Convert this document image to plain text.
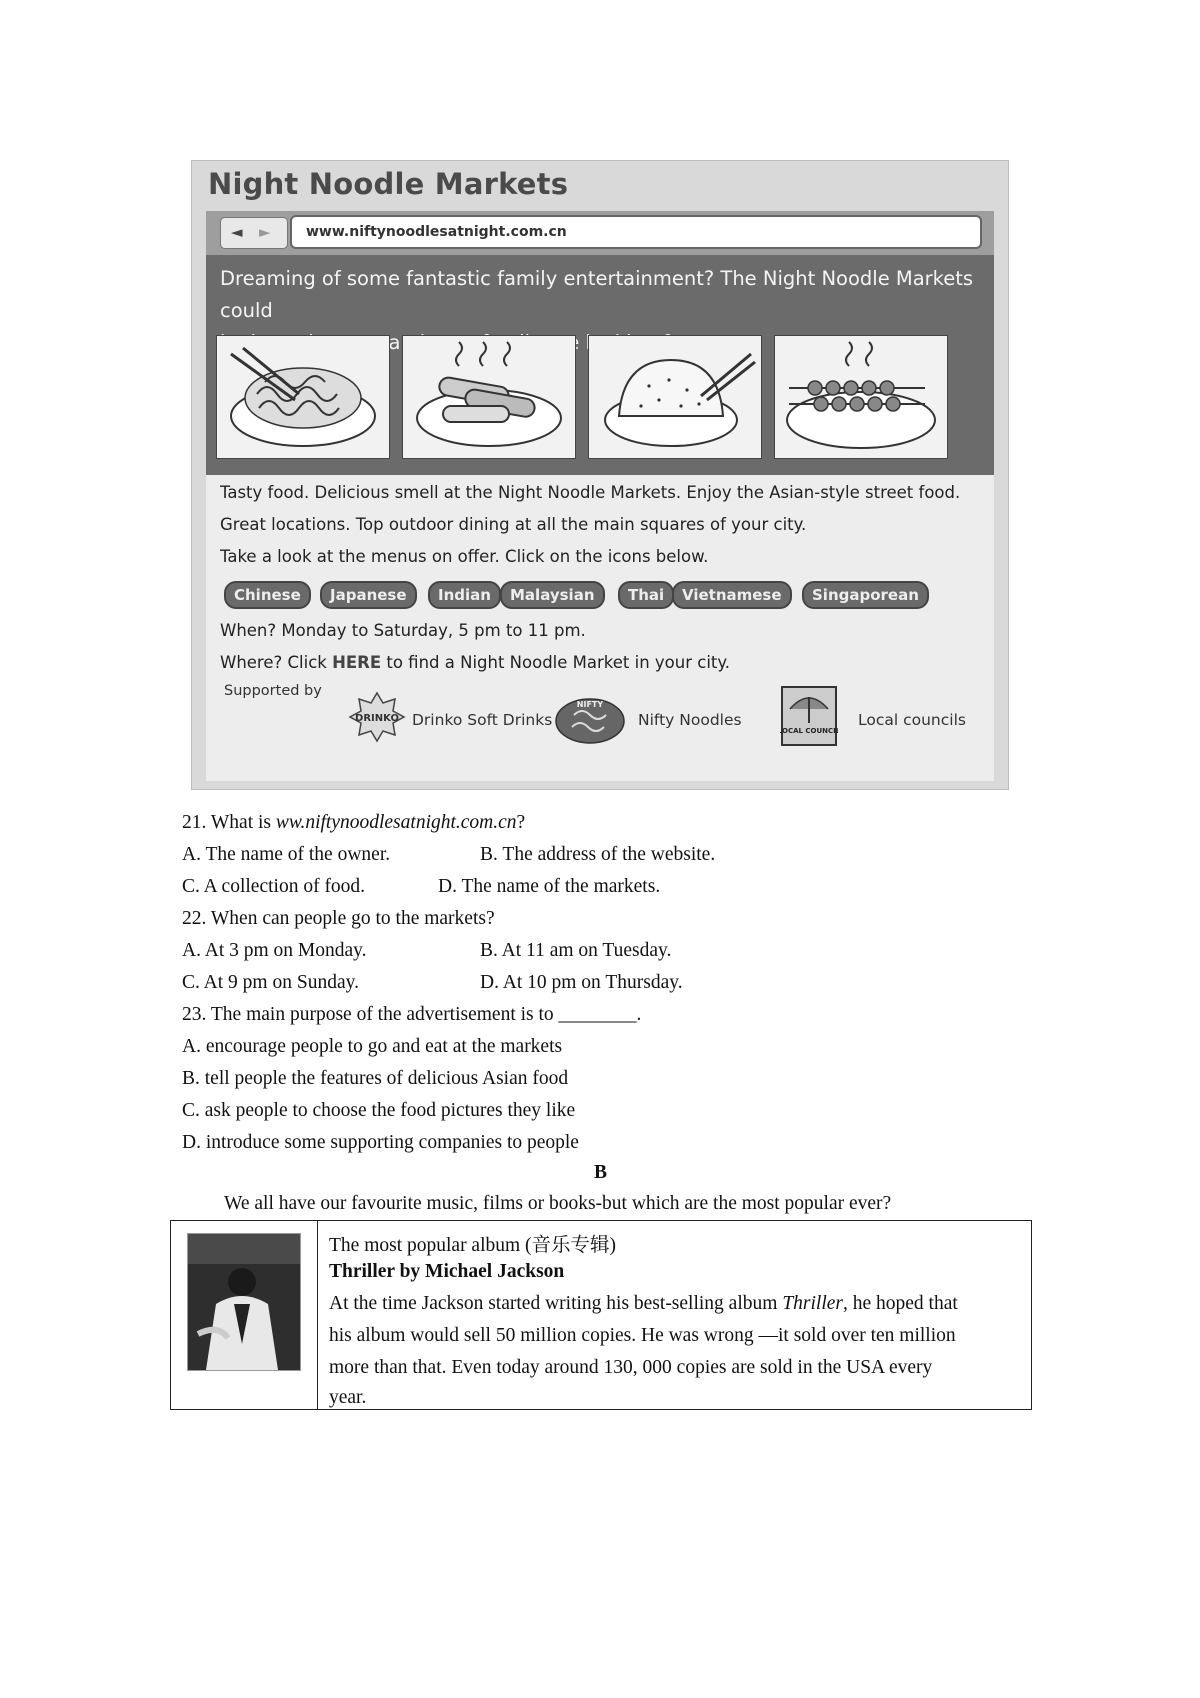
Night Noodle Markets
◄ ►	www.niftynoodlesatnight.com.cn
Dreaming of some fantastic family entertainment? The Night Noodle Markets could
Tasty food. Delicious smell at the Night Noodle Markets. Enjoy the Asian-style street food.
Great locations. Top outdoor dining at all the main squares of your city.
Take a look at the menus on offer. Click on the icons below.
Chinese	Japanese	Indian	Malaysian	Thai	Vietnamese	Singaporean
When? Monday to Saturday, 5 pm to 11 pm.
Where? Click HERE to find a Night Noodle Market in your city.
Supported by
DRINKO Drinko Soft Drinks
NIFTY
Nifty Noodles
LOCAL COUNCIL
Local councils
21. What is ww.niftynoodlesatnight.com.cn?
A. The name of the owner.	B. The address of the website.
C. A collection of food.	D. The name of the markets.
22. When can people go to the markets?
A. At 3 pm on Monday.	B. At 11 am on Tuesday.
C. At 9 pm on Sunday.	D. At 10 pm on Thursday.
23. The main purpose of the advertisement is to ________.
A. encourage people to go and eat at the markets
B. tell people the features of delicious Asian food
C. ask people to choose the food pictures they like
D. introduce some supporting companies to people
B
We all have our favourite music, films or books-but which are the most popular ever?
The most popular album (音乐专辑)
Thriller by Michael Jackson
At the time Jackson started writing his best-selling album Thriller, he hoped that
his album would sell 50 million copies. He was wrong —it sold over ten million
more than that. Even today around 130, 000 copies are sold in the USA every
year.
